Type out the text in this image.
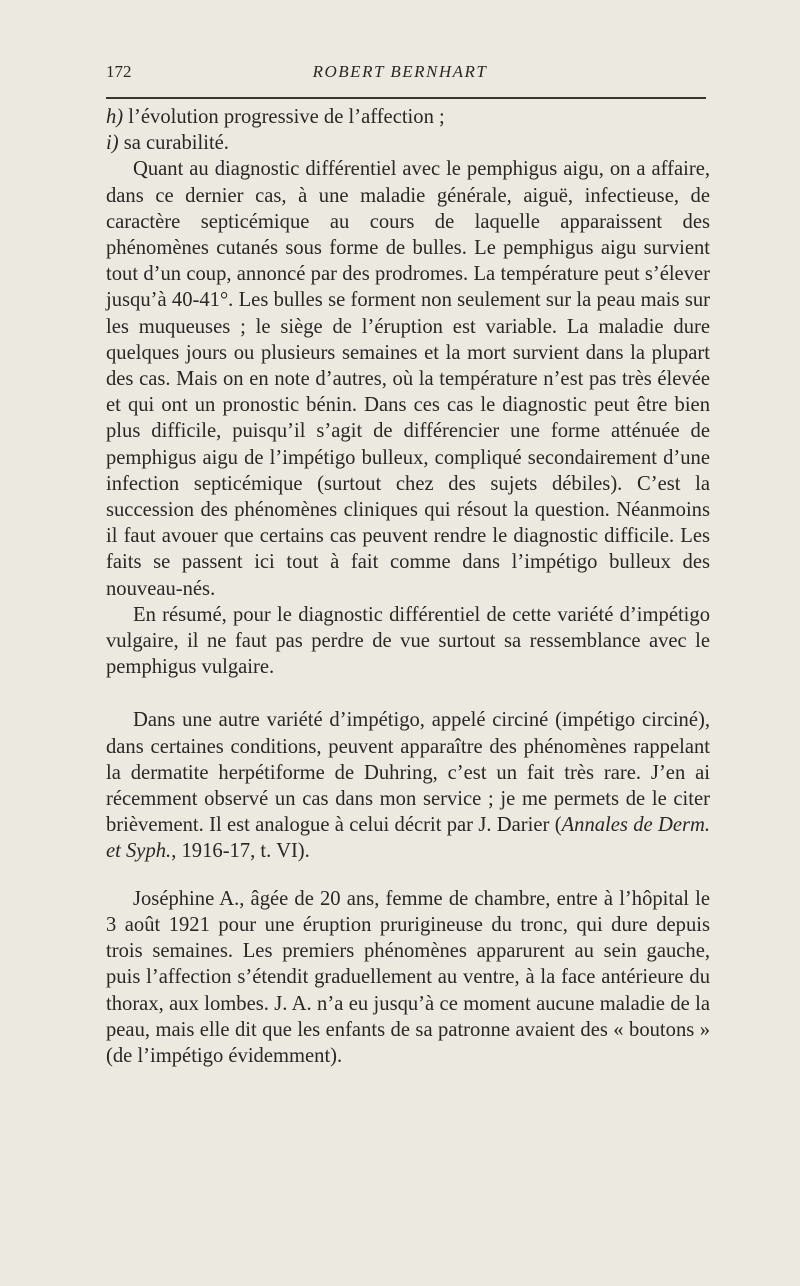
172	ROBERT BERNHART

h) l’évolution progressive de l’affection ;

i) sa curabilité.

Quant au diagnostic différentiel avec le pemphigus aigu, on a affaire, dans ce dernier cas, à une maladie générale, aiguë, infectieuse, de caractère septicémique au cours de laquelle apparaissent des phénomènes cutanés sous forme de bulles. Le pemphigus aigu survient tout d’un coup, annoncé par des prodromes. La température peut s’élever jusqu’à 40-41°. Les bulles se forment non seulement sur la peau mais sur les muqueuses ; le siège de l’éruption est variable. La maladie dure quelques jours ou plusieurs semaines et la mort survient dans la plupart des cas. Mais on en note d’autres, où la température n’est pas très élevée et qui ont un pronostic bénin. Dans ces cas le diagnostic peut être bien plus difficile, puisqu’il s’agit de différencier une forme atténuée de pemphigus aigu de l’impétigo bulleux, compliqué secondairement d’une infection septicémique (surtout chez des sujets débiles). C’est la succession des phénomènes cliniques qui résout la question. Néanmoins il faut avouer que certains cas peuvent rendre le diagnostic difficile. Les faits se passent ici tout à fait comme dans l’impétigo bulleux des nouveau-nés.

En résumé, pour le diagnostic différentiel de cette variété d’impétigo vulgaire, il ne faut pas perdre de vue surtout sa ressemblance avec le pemphigus vulgaire.

Dans une autre variété d’impétigo, appelé circiné (impétigo circiné), dans certaines conditions, peuvent apparaître des phénomènes rappelant la dermatite herpétiforme de Duhring, c’est un fait très rare. J’en ai récemment observé un cas dans mon service ; je me permets de le citer brièvement. Il est analogue à celui décrit par J. Darier (Annales de Derm. et Syph., 1916-17, t. VI).

Joséphine A., âgée de 20 ans, femme de chambre, entre à l’hôpital le 3 août 1921 pour une éruption prurigineuse du tronc, qui dure depuis trois semaines. Les premiers phénomènes apparurent au sein gauche, puis l’affection s’étendit graduellement au ventre, à la face antérieure du thorax, aux lombes. J. A. n’a eu jusqu’à ce moment aucune maladie de la peau, mais elle dit que les enfants de sa patronne avaient des « boutons » (de l’impétigo évidemment).
